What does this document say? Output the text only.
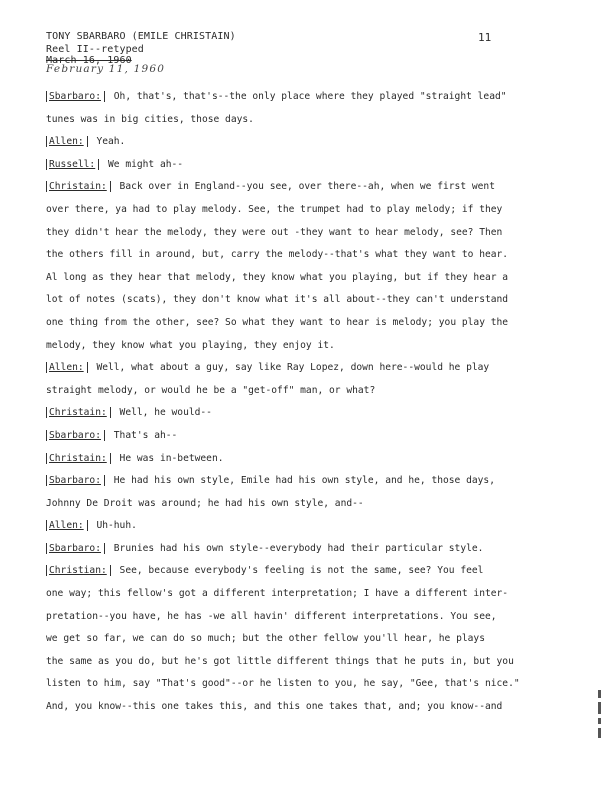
TONY SBARBARO (EMILE CHRISTAIN)	11
Reel II--retyped
March 16, 1960
February 11, 1960
Sbarbaro: Oh, that's, that's--the only place where they played "straight lead"
tunes was in big cities, those days.
Allen: Yeah.
Russell: We might ah--
Christain: Back over in England--you see, over there--ah, when we first went
over there, ya had to play melody. See, the trumpet had to play melody; if they
they didn't hear the melody, they were out -they want to hear melody, see? Then
the others fill in around, but, carry the melody--that's what they want to hear.
Al long as they hear that melody, they know what you playing, but if they hear a
lot of notes (scats), they don't know what it's all about--they can't understand
one thing from the other, see? So what they want to hear is melody; you play the
melody, they know what you playing, they enjoy it.
Allen: Well, what about a guy, say like Ray Lopez, down here--would he play
straight melody, or would he be a "get-off" man, or what?
Christain: Well, he would--
Sbarbaro: That's ah--
Christain: He was in-between.
Sbarbaro: He had his own style, Emile had his own style, and he, those days,
Johnny De Droit was around; he had his own style, and--
Allen: Uh-huh.
Sbarbaro: Brunies had his own style--everybody had their particular style.
Christian: See, because everybody's feeling is not the same, see? You feel
one way; this fellow's got a different interpretation; I have a different inter-
pretation--you have, he has -we all havin' different interpretations. You see,
we get so far, we can do so much; but the other fellow you'll hear, he plays
the same as you do, but he's got little different things that he puts in, but you
listen to him, say "That's good"--or he listen to you, he say, "Gee, that's nice."
And, you know--this one takes this, and this one takes that, and; you know--and
